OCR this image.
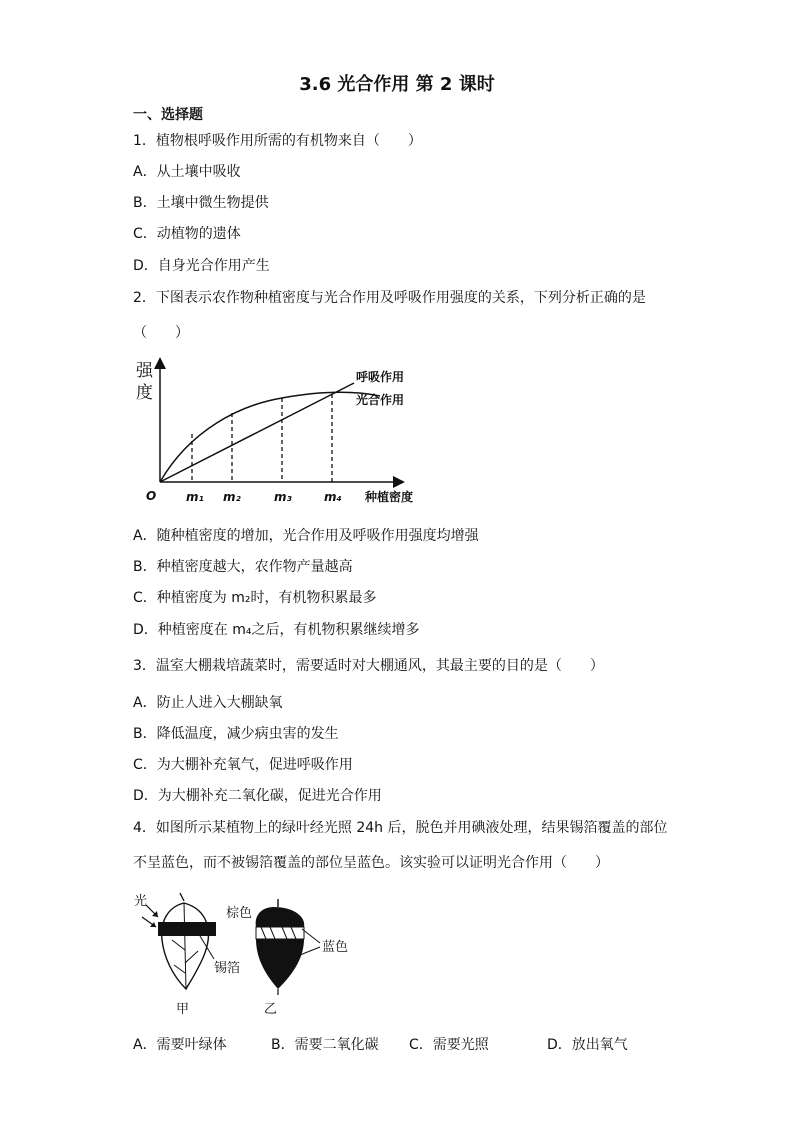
3.6 光合作用 第 2 课时
一、选择题
1．植物根呼吸作用所需的有机物来自（　　）
A．从土壤中吸收
B．土壤中微生物提供
C．动植物的遗体
D．自身光合作用产生
2．下图表示农作物种植密度与光合作用及呼吸作用强度的关系，下列分析正确的是
（　　）
强
度
呼吸作用
光合作用
O m₁ m₂	m₃	m₄ 种植密度
A．随种植密度的增加，光合作用及呼吸作用强度均增强
B．种植密度越大，农作物产量越高
C．种植密度为 m₂时，有机物积累最多
D．种植密度在 m₄之后，有机物积累继续增多
3．温室大棚栽培蔬菜时，需要适时对大棚通风，其最主要的目的是（　　）
A．防止人进入大棚缺氧
B．降低温度，减少病虫害的发生
C．为大棚补充氧气，促进呼吸作用
D．为大棚补充二氧化碳，促进光合作用
4．如图所示某植物上的绿叶经光照 24h 后，脱色并用碘液处理，结果锡箔覆盖的部位
不呈蓝色，而不被锡箔覆盖的部位呈蓝色。该实验可以证明光合作用（　　）
光
锡箔
甲
棕色
蓝色
乙
A．需要叶绿体	B．需要二氧化碳 C．需要光照	D．放出氧气
